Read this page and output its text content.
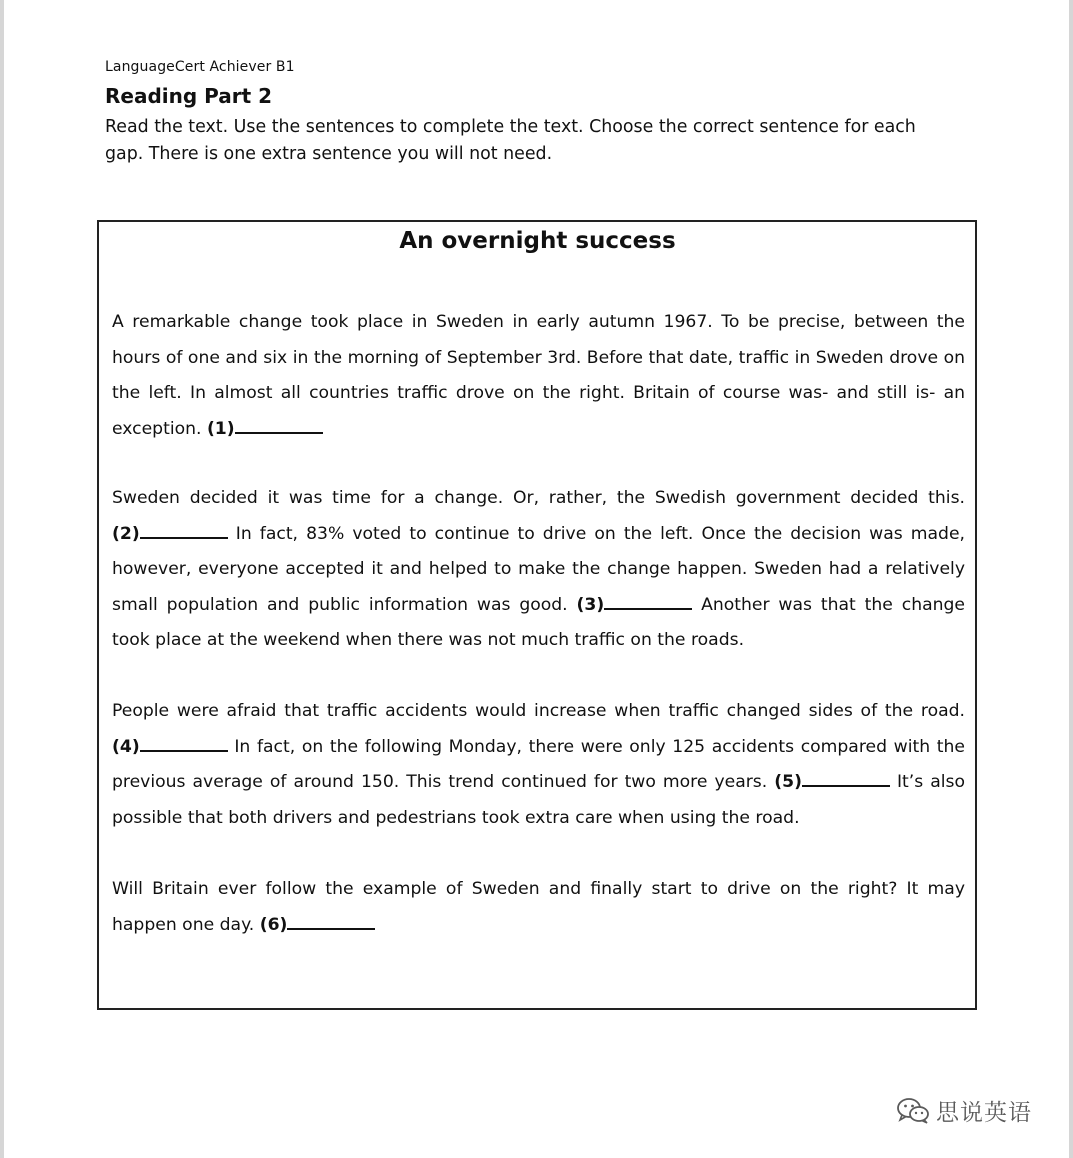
LanguageCert Achiever B1
Reading Part 2
Read the text. Use the sentences to complete the text. Choose the correct sentence for each gap. There is one extra sentence you will not need.
An overnight success
A remarkable change took place in Sweden in early autumn 1967. To be precise, between the hours of one and six in the morning of September 3rd. Before that date, traffic in Sweden drove on the left. In almost all countries traffic drove on the right. Britain of course was- and still is- an exception. (1)
Sweden decided it was time for a change. Or, rather, the Swedish government decided this. (2)	In fact, 83% voted to continue to drive on the left. Once the decision was made, however, everyone accepted it and helped to make the change happen. Sweden had a relatively small population and public information was good. (3)	Another was that the change took place at the weekend when there was not much traffic on the roads.
People were afraid that traffic accidents would increase when traffic changed sides of the road. (4)	In fact, on the following Monday, there were only 125 accidents compared with the previous average of around 150. This trend continued for two more years. (5)	It’s also possible that both drivers and pedestrians took extra care when using the road.
Will Britain ever follow the example of Sweden and finally start to drive on the right? It may happen one day. (6)
思说英语
